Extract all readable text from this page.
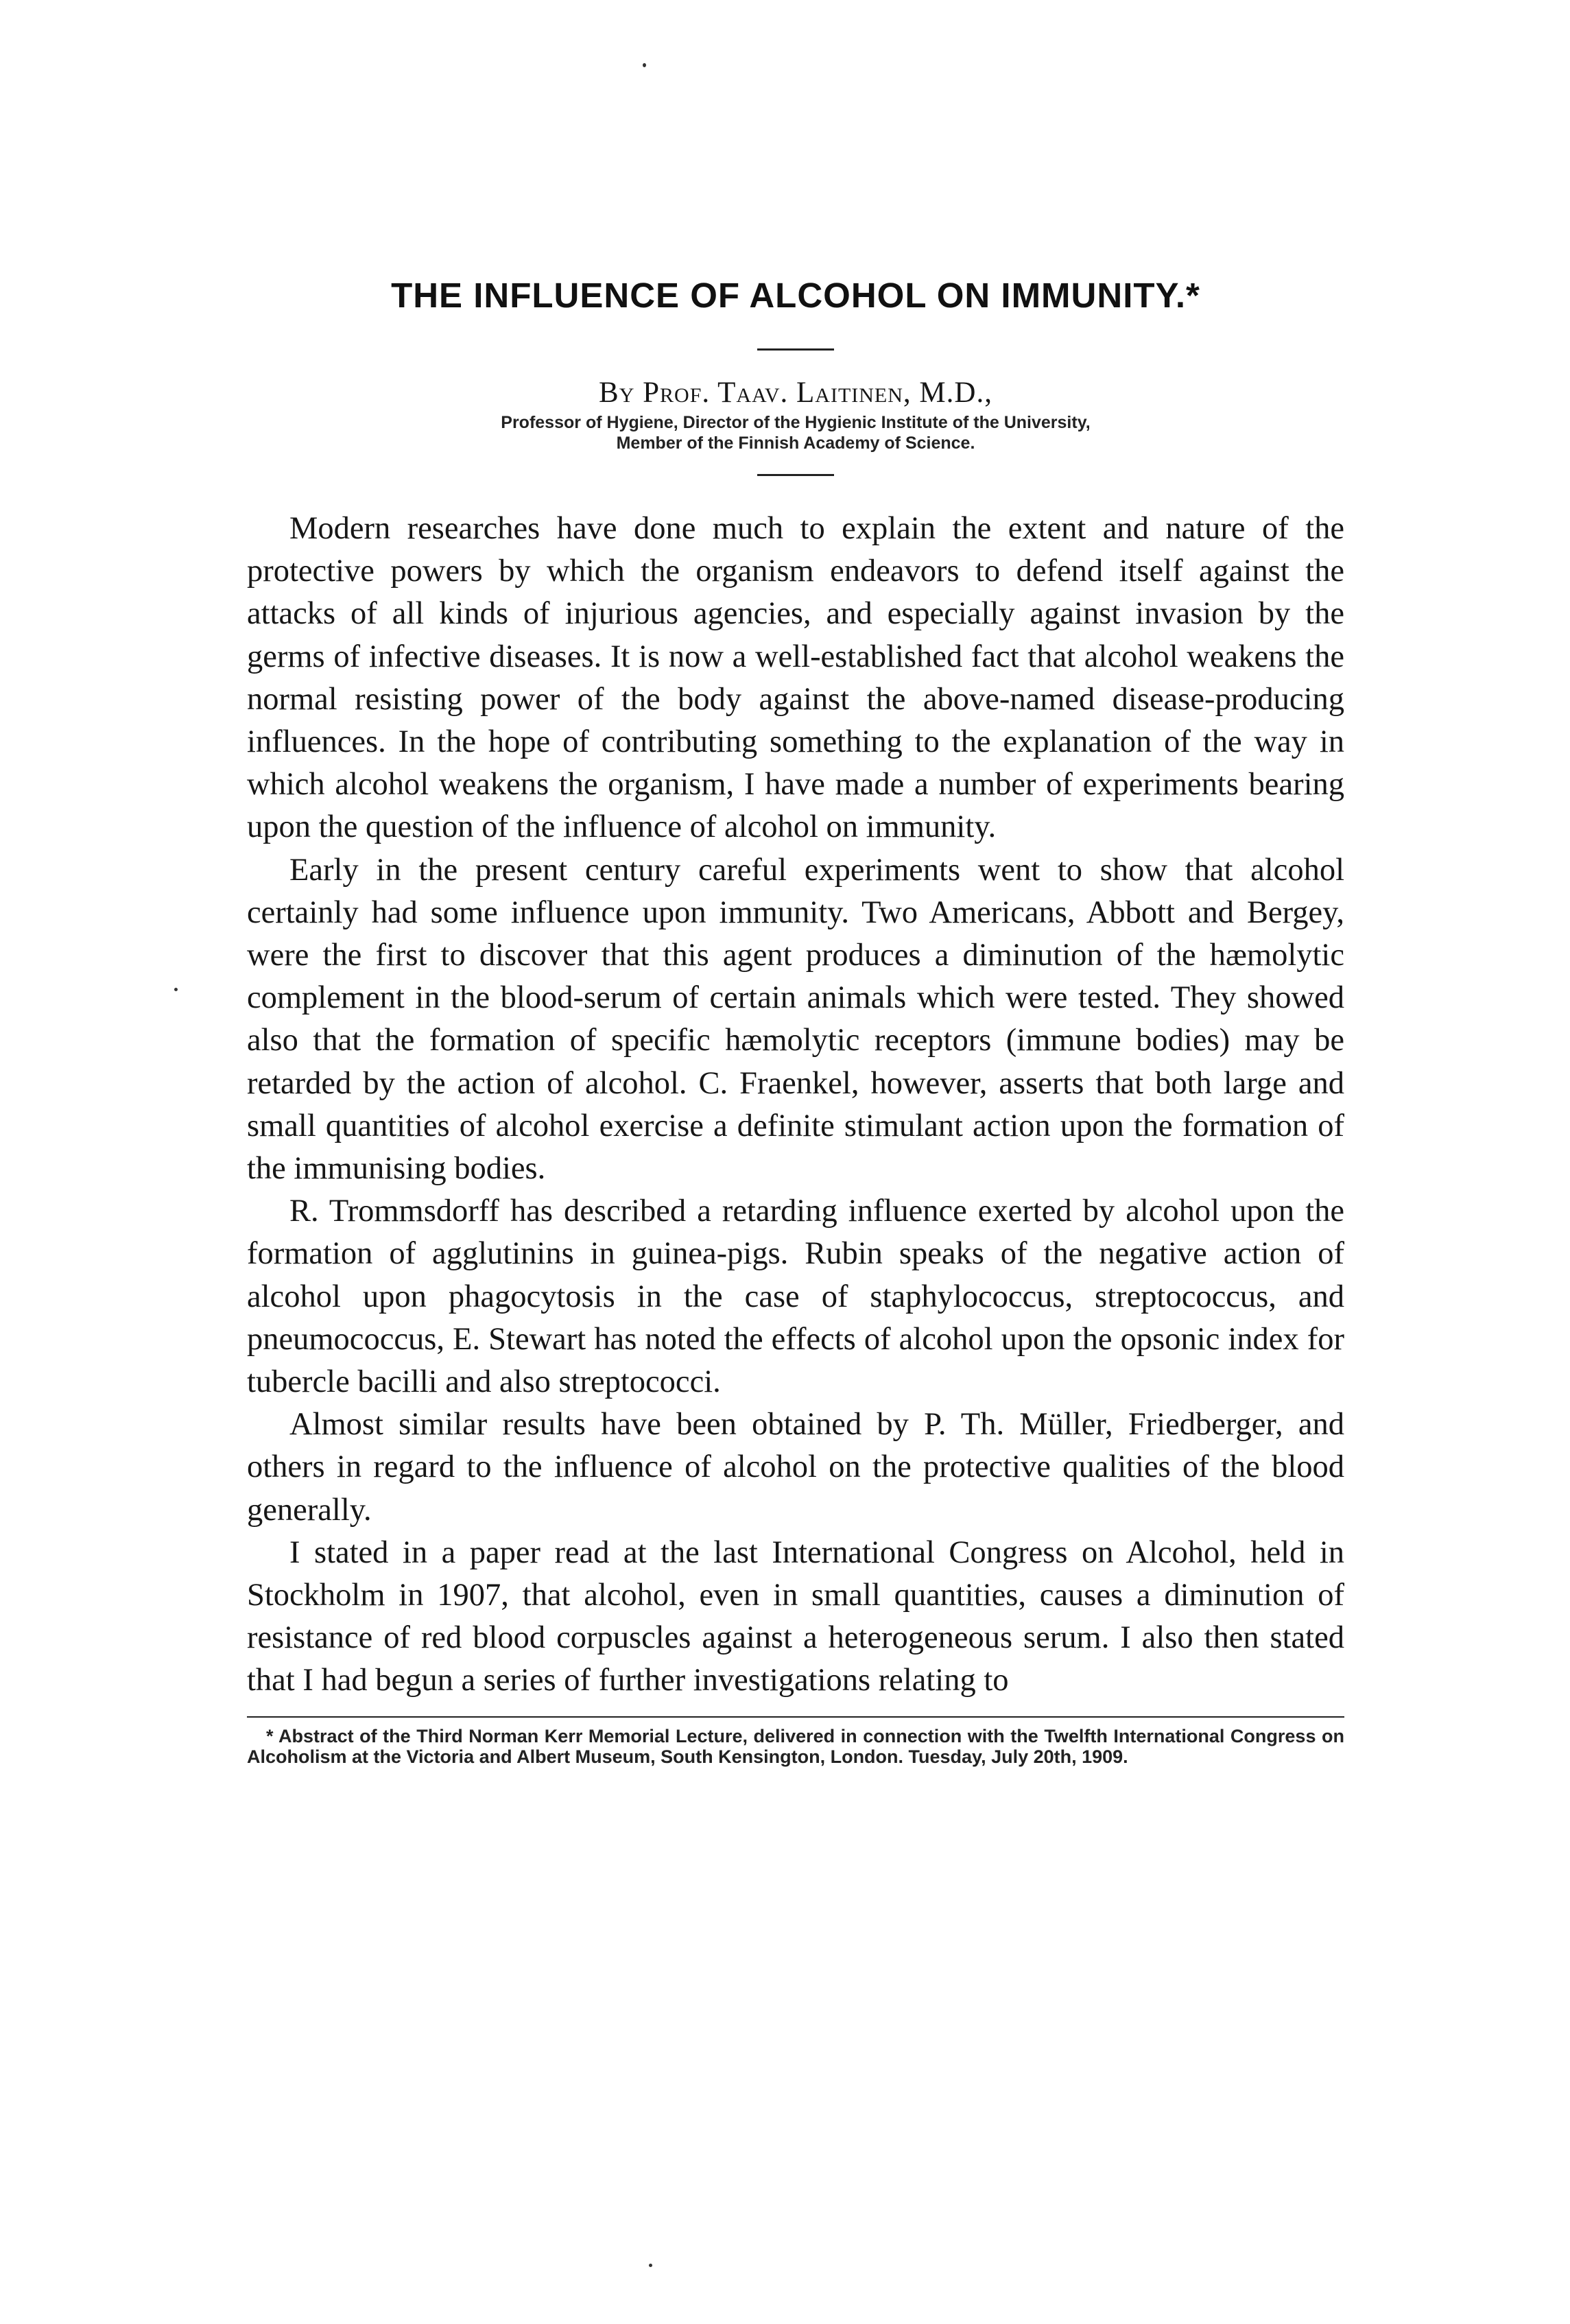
THE INFLUENCE OF ALCOHOL ON IMMUNITY.*
By Prof. Taav. Laitinen, M.D.,
Professor of Hygiene, Director of the Hygienic Institute of the University,
Member of the Finnish Academy of Science.

Modern researches have done much to explain the extent and nature of the protective powers by which the organism endeavors to defend itself against the attacks of all kinds of injurious agencies, and especially against invasion by the germs of infective diseases. It is now a well-established fact that alcohol weakens the normal resisting power of the body against the above-named disease-producing influences. In the hope of contributing something to the explanation of the way in which alcohol weakens the organism, I have made a number of experiments bearing upon the question of the influence of alcohol on immunity.

Early in the present century careful experiments went to show that alcohol certainly had some influence upon immunity. Two Americans, Abbott and Bergey, were the first to discover that this agent produces a diminution of the hæmolytic complement in the blood-serum of certain animals which were tested. They showed also that the formation of specific hæmolytic receptors (immune bodies) may be retarded by the action of alcohol. C. Fraenkel, however, asserts that both large and small quantities of alcohol exercise a definite stimulant action upon the formation of the immunising bodies.

R. Trommsdorff has described a retarding influence exerted by alcohol upon the formation of agglutinins in guinea-pigs. Rubin speaks of the negative action of alcohol upon phagocytosis in the case of staphylococcus, streptococcus, and pneumococcus, E. Stewart has noted the effects of alcohol upon the opsonic index for tubercle bacilli and also streptococci.

Almost similar results have been obtained by P. Th. Müller, Friedberger, and others in regard to the influence of alcohol on the protective qualities of the blood generally.

I stated in a paper read at the last International Congress on Alcohol, held in Stockholm in 1907, that alcohol, even in small quantities, causes a diminution of resistance of red blood corpuscles against a heterogeneous serum. I also then stated that I had begun a series of further investigations relating to

* Abstract of the Third Norman Kerr Memorial Lecture, delivered in connection with the Twelfth International Congress on Alcoholism at the Victoria and Albert Museum, South Kensington, London. Tuesday, July 20th, 1909.
